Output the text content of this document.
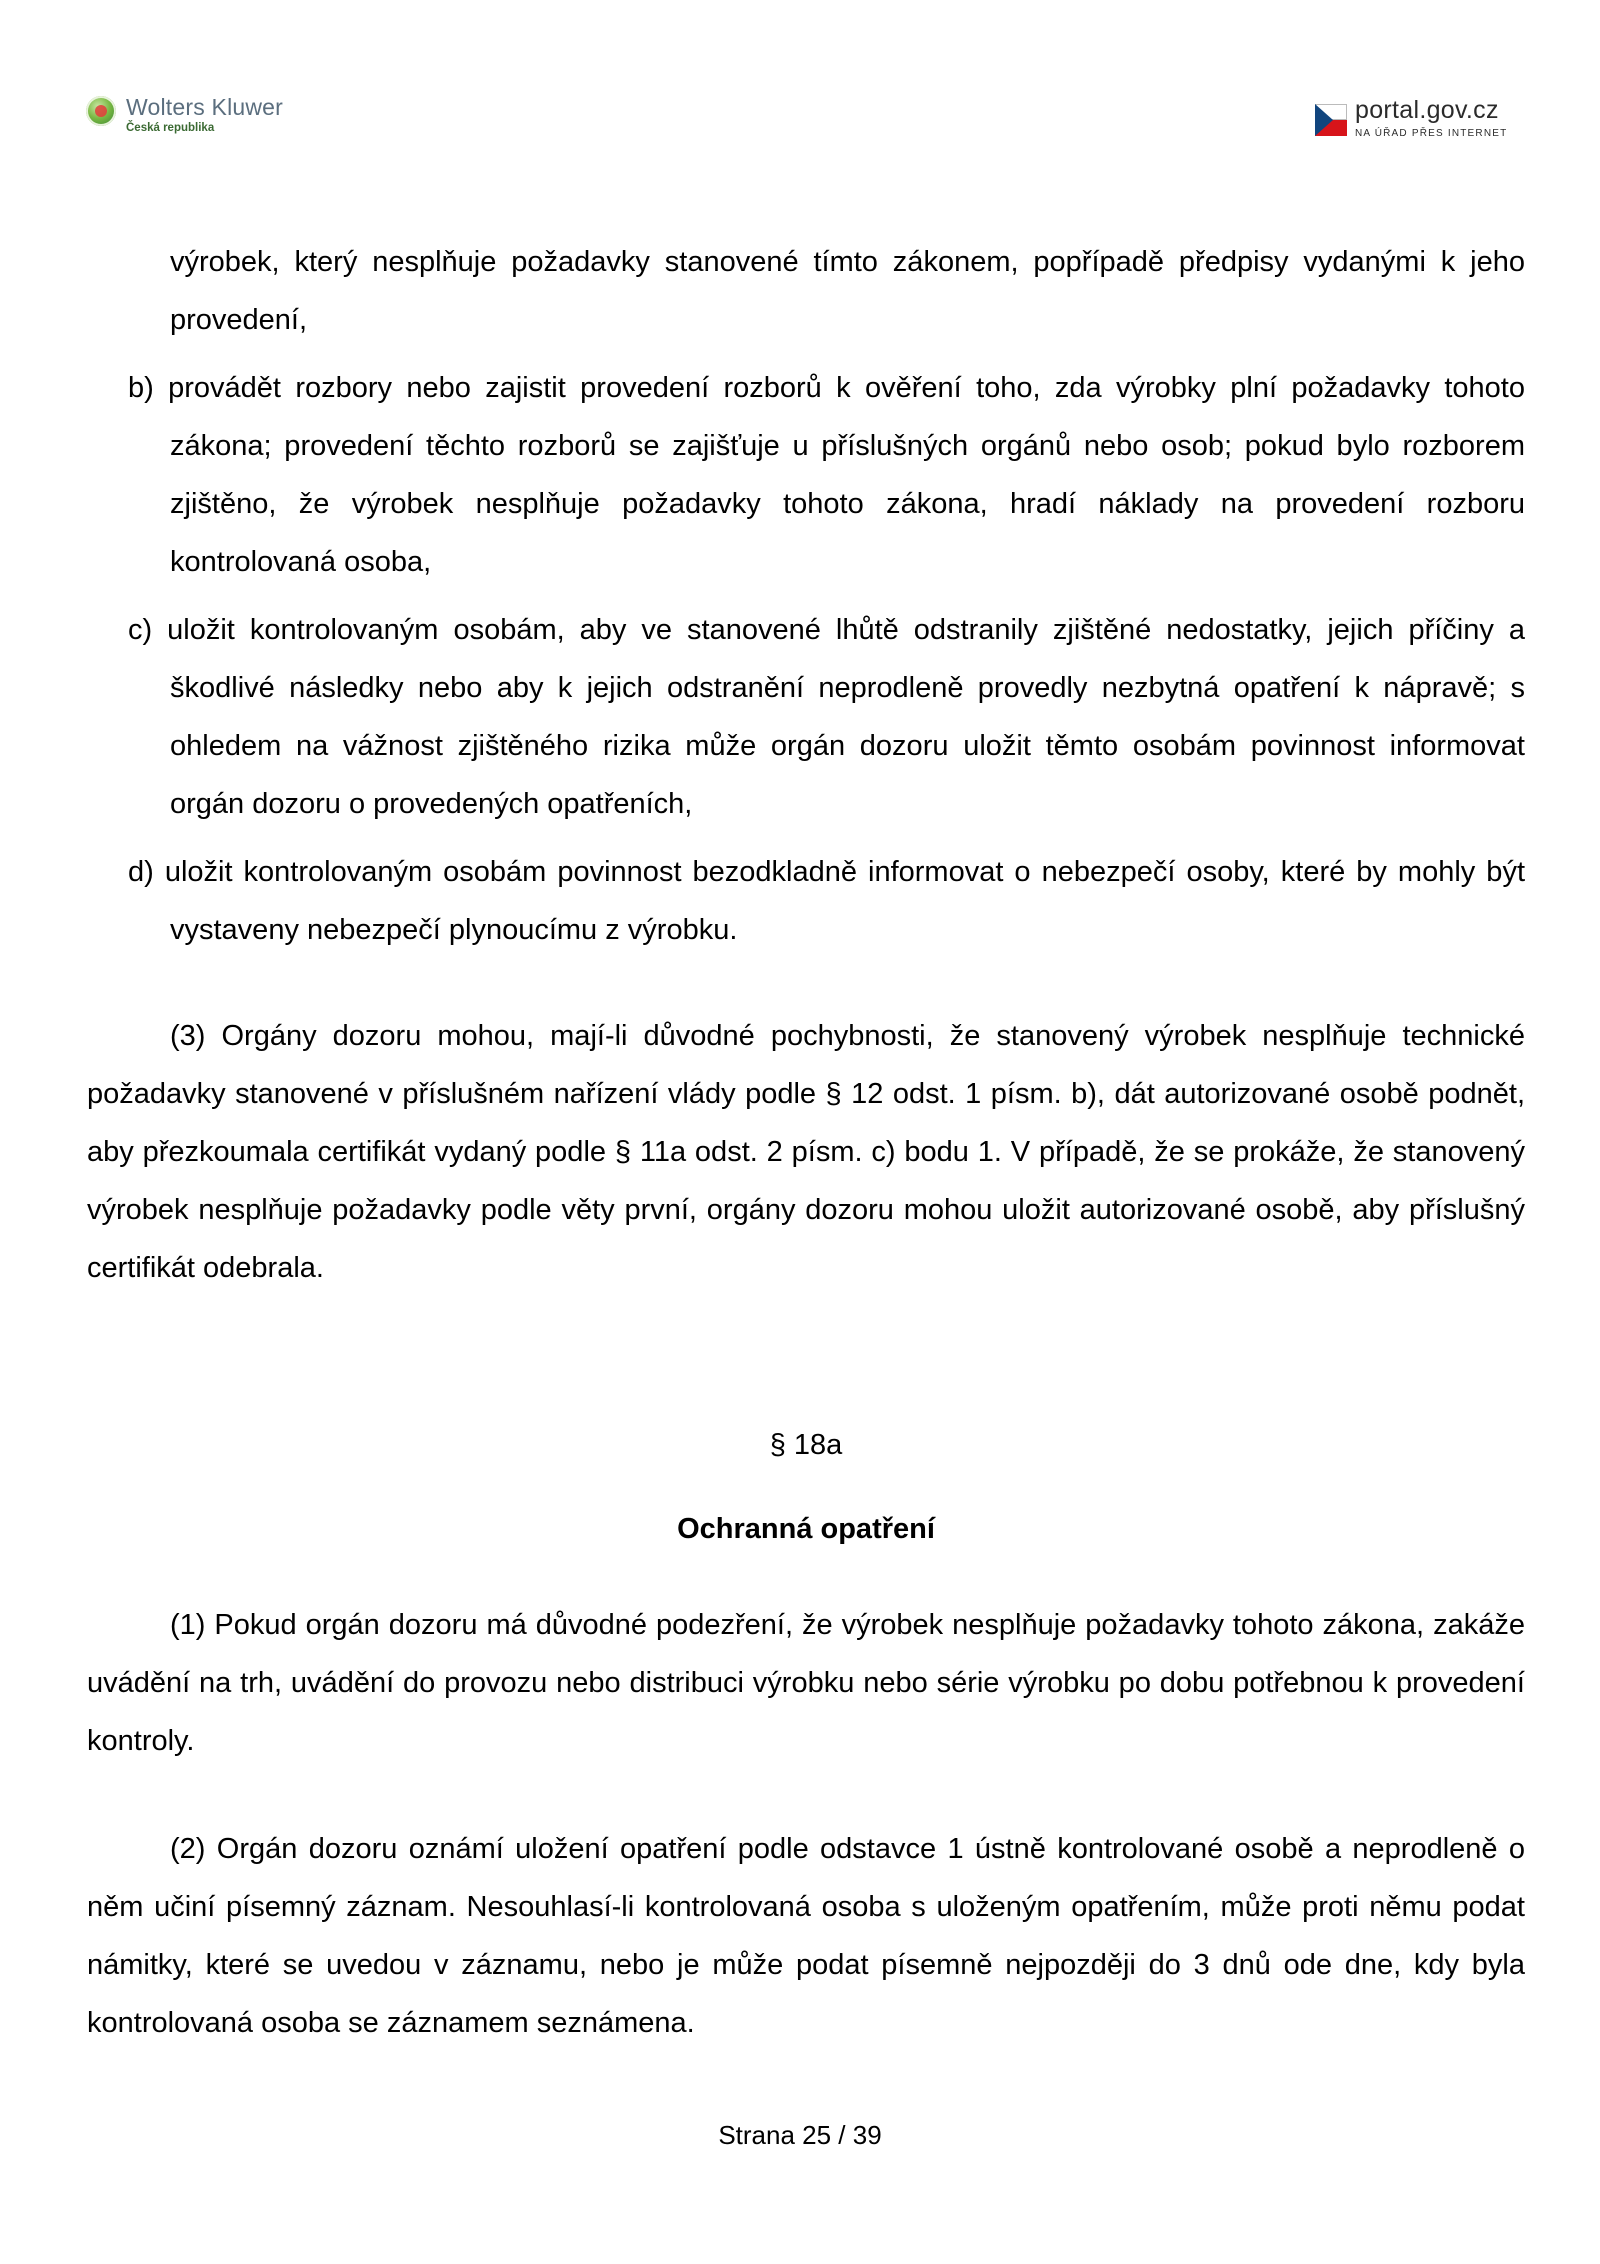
Wolters Kluwer
Česká republika
portal.gov.cz
NA ÚŘAD PŘES INTERNET

výrobek, který nesplňuje požadavky stanovené tímto zákonem, popřípadě předpisy vydanými k jeho provedení,

b) provádět rozbory nebo zajistit provedení rozborů k ověření toho, zda výrobky plní požadavky tohoto zákona; provedení těchto rozborů se zajišťuje u příslušných orgánů nebo osob; pokud bylo rozborem zjištěno, že výrobek nesplňuje požadavky tohoto zákona, hradí náklady na provedení rozboru kontrolovaná osoba,

c) uložit kontrolovaným osobám, aby ve stanovené lhůtě odstranily zjištěné nedostatky, jejich příčiny a škodlivé následky nebo aby k jejich odstranění neprodleně provedly nezbytná opatření k nápravě; s ohledem na vážnost zjištěného rizika může orgán dozoru uložit těmto osobám povinnost informovat orgán dozoru o provedených opatřeních,

d) uložit kontrolovaným osobám povinnost bezodkladně informovat o nebezpečí osoby, které by mohly být vystaveny nebezpečí plynoucímu z výrobku.

(3) Orgány dozoru mohou, mají-li důvodné pochybnosti, že stanovený výrobek nesplňuje technické požadavky stanovené v příslušném nařízení vlády podle § 12 odst. 1 písm. b), dát autorizované osobě podnět, aby přezkoumala certifikát vydaný podle § 11a odst. 2 písm. c) bodu 1. V případě, že se prokáže, že stanovený výrobek nesplňuje požadavky podle věty první, orgány dozoru mohou uložit autorizované osobě, aby příslušný certifikát odebrala.

§ 18a

Ochranná opatření

(1) Pokud orgán dozoru má důvodné podezření, že výrobek nesplňuje požadavky tohoto zákona, zakáže uvádění na trh, uvádění do provozu nebo distribuci výrobku nebo série výrobku po dobu potřebnou k provedení kontroly.

(2) Orgán dozoru oznámí uložení opatření podle odstavce 1 ústně kontrolované osobě a neprodleně o něm učiní písemný záznam. Nesouhlasí-li kontrolovaná osoba s uloženým opatřením, může proti němu podat námitky, které se uvedou v záznamu, nebo je může podat písemně nejpozději do 3 dnů ode dne, kdy byla kontrolovaná osoba se záznamem seznámena.

Strana 25 / 39
